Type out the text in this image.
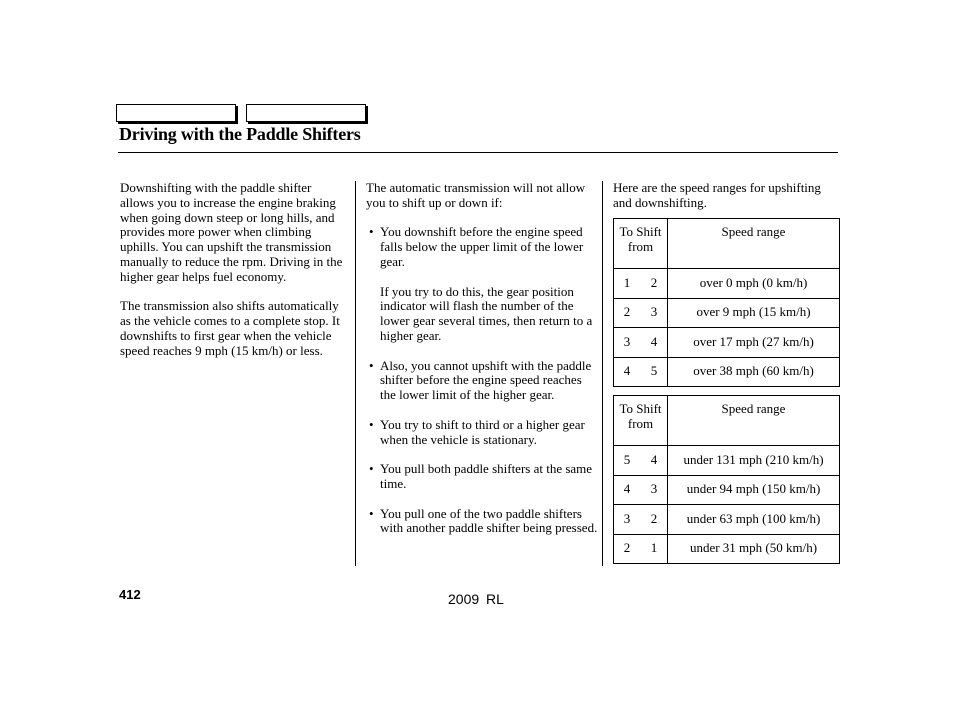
Driving with the Paddle Shifters

Downshifting with the paddle shifter allows you to increase the engine braking when going down steep or long hills, and provides more power when climbing uphills. You can upshift the transmission manually to reduce the rpm. Driving in the higher gear helps fuel economy.

The transmission also shifts automatically as the vehicle comes to a complete stop. It downshifts to first gear when the vehicle speed reaches 9 mph (15 km/h) or less.

The automatic transmission will not allow you to shift up or down if:

• You downshift before the engine speed falls below the upper limit of the lower gear.
If you try to do this, the gear position indicator will flash the number of the lower gear several times, then return to a higher gear.
• Also, you cannot upshift with the paddle shifter before the engine speed reaches the lower limit of the higher gear.
• You try to shift to third or a higher gear when the vehicle is stationary.
• You pull both paddle shifters at the same time.
• You pull one of the two paddle shifters with another paddle shifter being pressed.

Here are the speed ranges for upshifting and downshifting.

To Shift from	Speed range
1 2	over 0 mph (0 km/h)
2 3	over 9 mph (15 km/h)
3 4	over 17 mph (27 km/h)
4 5	over 38 mph (60 km/h)
To Shift from	Speed range
5 4	under 131 mph (210 km/h)
4 3	under 94 mph (150 km/h)
3 2	under 63 mph (100 km/h)
2 1	under 31 mph (50 km/h)
412	2009 RL
